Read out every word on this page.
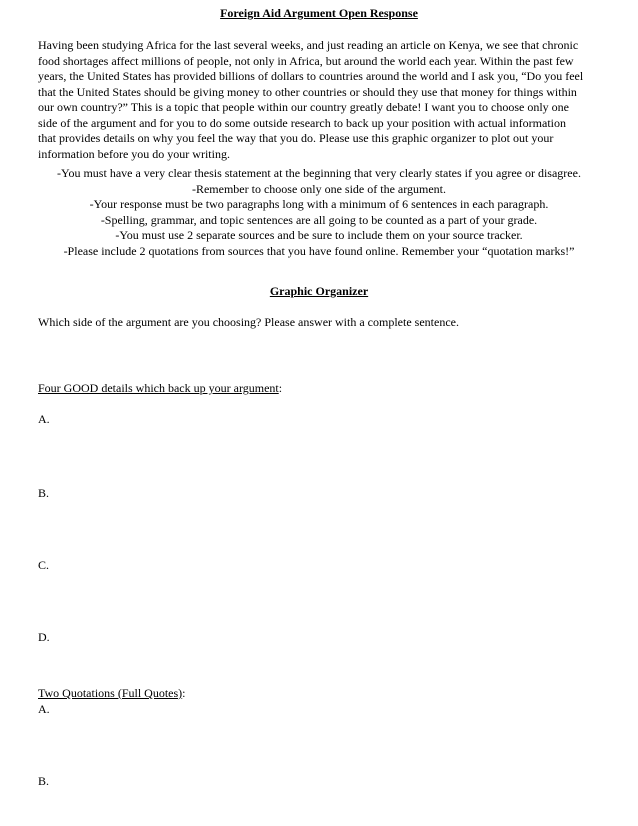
Foreign Aid Argument Open Response
Having been studying Africa for the last several weeks, and just reading an article on Kenya, we see that chronic
food shortages affect millions of people, not only in Africa, but around the world each year. Within the past few
years, the United States has provided billions of dollars to countries around the world and I ask you, “Do you feel
that the United States should be giving money to other countries or should they use that money for things within
our own country?” This is a topic that people within our country greatly debate! I want you to choose only one
side of the argument and for you to do some outside research to back up your position with actual information
that provides details on why you feel the way that you do. Please use this graphic organizer to plot out your
information before you do your writing.
-You must have a very clear thesis statement at the beginning that very clearly states if you agree or disagree.
-Remember to choose only one side of the argument.
-Your response must be two paragraphs long with a minimum of 6 sentences in each paragraph.
-Spelling, grammar, and topic sentences are all going to be counted as a part of your grade.
-You must use 2 separate sources and be sure to include them on your source tracker.
-Please include 2 quotations from sources that you have found online. Remember your “quotation marks!”
Graphic Organizer
Which side of the argument are you choosing? Please answer with a complete sentence.
Four GOOD details which back up your argument:
A.
B.
C.
D.
Two Quotations (Full Quotes):
A.
B.
